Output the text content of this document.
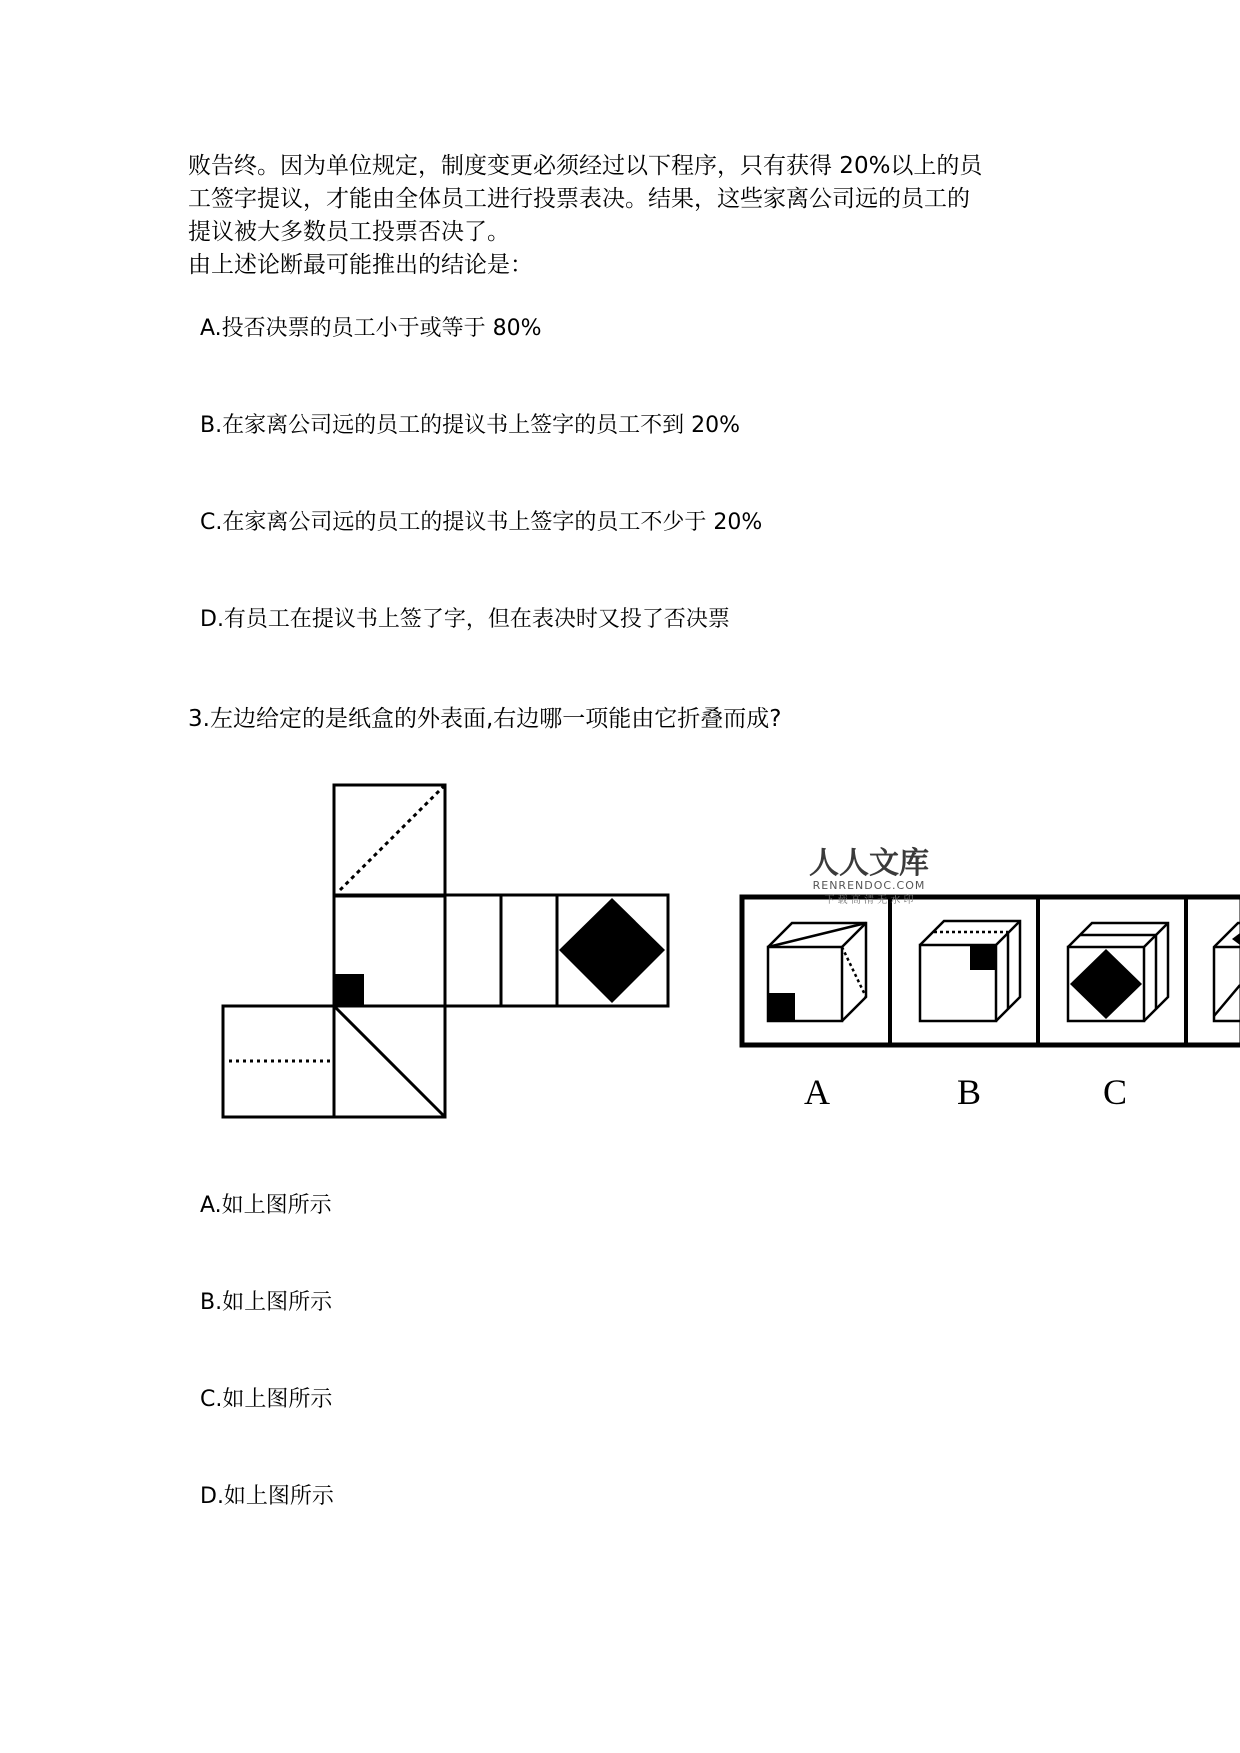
败告终。因为单位规定，制度变更必须经过以下程序，只有获得 20%以上的员
工签字提议，才能由全体员工进行投票表决。结果，这些家离公司远的员工的
提议被大多数员工投票否决了。
由上述论断最可能推出的结论是：

A.投否决票的员工小于或等于 80%

B.在家离公司远的员工的提议书上签字的员工不到 20%

C.在家离公司远的员工的提议书上签字的员工不少于 20%

D.有员工在提议书上签了字，但在表决时又投了否决票

3.左边给定的是纸盒的外表面,右边哪一项能由它折叠而成?

A	B	C
人人文库
RENRENDOC.COM
下 载 高 清 无 水 印

A.如上图所示

B.如上图所示

C.如上图所示

D.如上图所示
